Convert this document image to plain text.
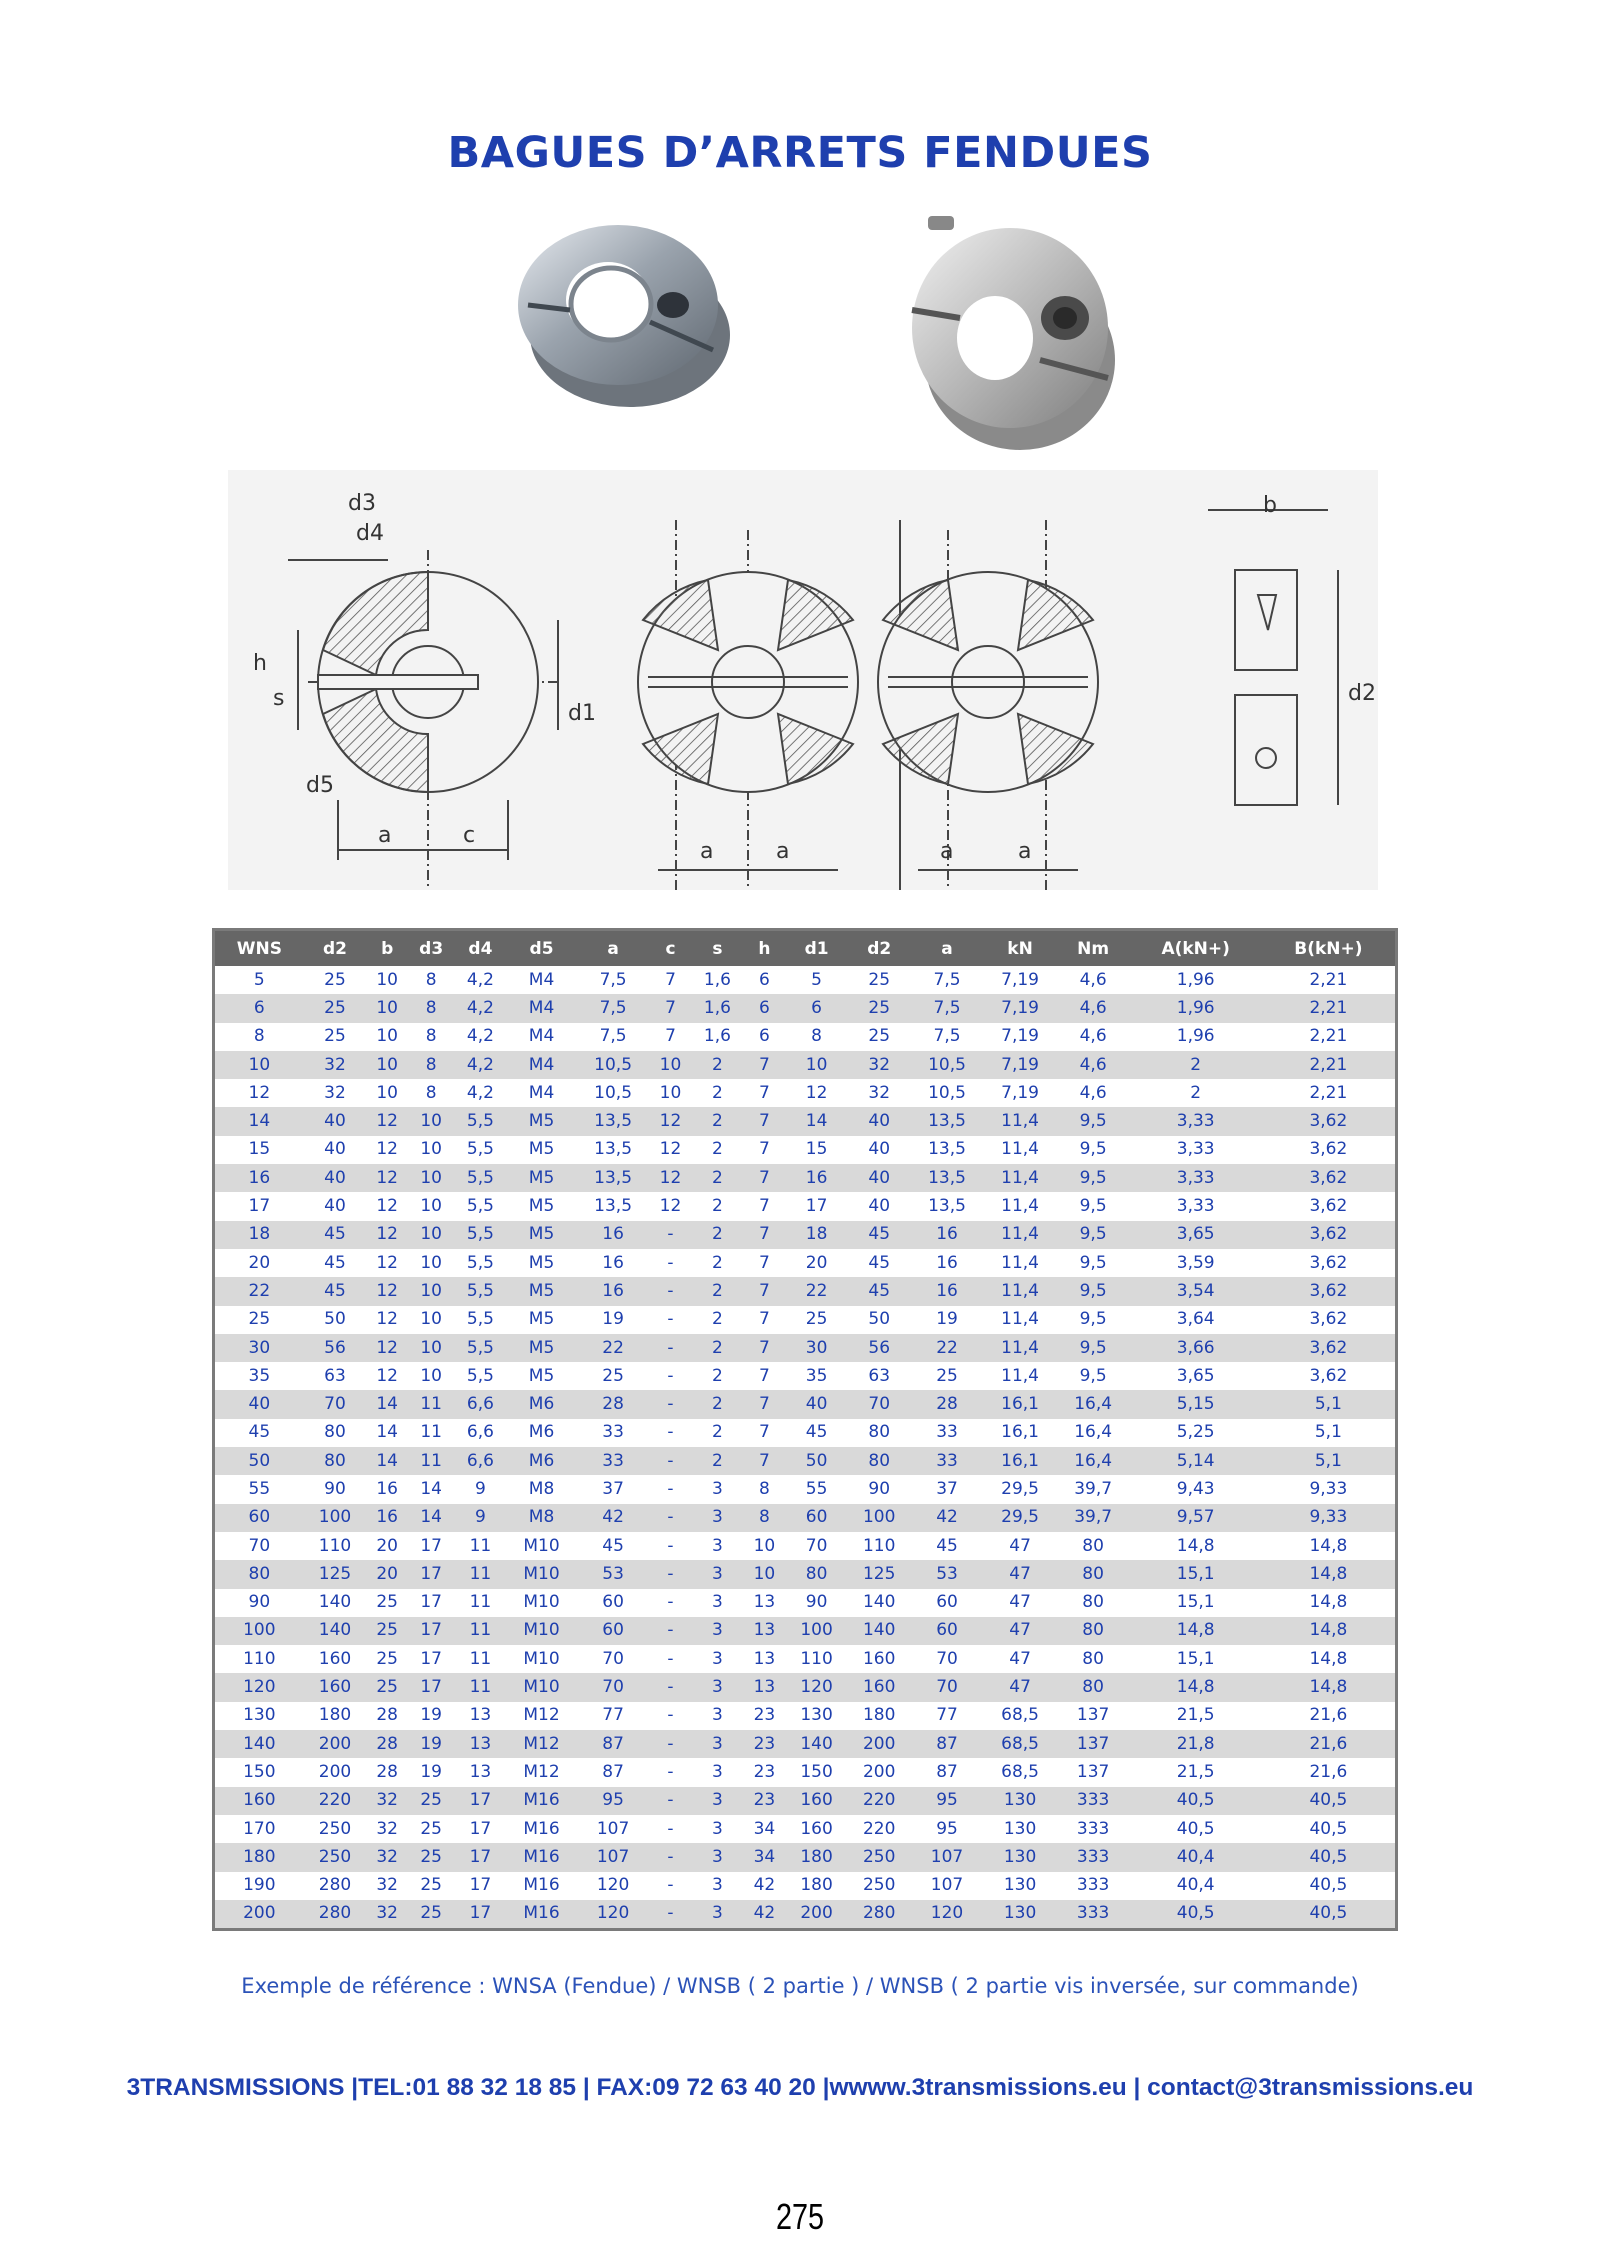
BAGUES D’ARRETS FENDUES
d3
d4
h
s
d1
d5
a	c
a	a	a	a
b
d2
WNS	d2	b	d3	d4	d5	a	c	s	h	d1	d2	a	kN	Nm	A(kN+)	B(kN+)
5	25	10	8	4,2	M4	7,5	7	1,6	6	5	25	7,5	7,19	4,6	1,96	2,21
6	25	10	8	4,2	M4	7,5	7	1,6	6	6	25	7,5	7,19	4,6	1,96	2,21
8	25	10	8	4,2	M4	7,5	7	1,6	6	8	25	7,5	7,19	4,6	1,96	2,21
10	32	10	8	4,2	M4	10,5	10	2	7	10	32	10,5	7,19	4,6	2	2,21
12	32	10	8	4,2	M4	10,5	10	2	7	12	32	10,5	7,19	4,6	2	2,21
14	40	12	10	5,5	M5	13,5	12	2	7	14	40	13,5	11,4	9,5	3,33	3,62
15	40	12	10	5,5	M5	13,5	12	2	7	15	40	13,5	11,4	9,5	3,33	3,62
16	40	12	10	5,5	M5	13,5	12	2	7	16	40	13,5	11,4	9,5	3,33	3,62
17	40	12	10	5,5	M5	13,5	12	2	7	17	40	13,5	11,4	9,5	3,33	3,62
18	45	12	10	5,5	M5	16	-	2	7	18	45	16	11,4	9,5	3,65	3,62
20	45	12	10	5,5	M5	16	-	2	7	20	45	16	11,4	9,5	3,59	3,62
22	45	12	10	5,5	M5	16	-	2	7	22	45	16	11,4	9,5	3,54	3,62
25	50	12	10	5,5	M5	19	-	2	7	25	50	19	11,4	9,5	3,64	3,62
30	56	12	10	5,5	M5	22	-	2	7	30	56	22	11,4	9,5	3,66	3,62
35	63	12	10	5,5	M5	25	-	2	7	35	63	25	11,4	9,5	3,65	3,62
40	70	14	11	6,6	M6	28	-	2	7	40	70	28	16,1	16,4	5,15	5,1
45	80	14	11	6,6	M6	33	-	2	7	45	80	33	16,1	16,4	5,25	5,1
50	80	14	11	6,6	M6	33	-	2	7	50	80	33	16,1	16,4	5,14	5,1
55	90	16	14	9	M8	37	-	3	8	55	90	37	29,5	39,7	9,43	9,33
60	100	16	14	9	M8	42	-	3	8	60	100	42	29,5	39,7	9,57	9,33
70	110	20	17	11	M10	45	-	3	10	70	110	45	47	80	14,8	14,8
80	125	20	17	11	M10	53	-	3	10	80	125	53	47	80	15,1	14,8
90	140	25	17	11	M10	60	-	3	13	90	140	60	47	80	15,1	14,8
100	140	25	17	11	M10	60	-	3	13	100	140	60	47	80	14,8	14,8
110	160	25	17	11	M10	70	-	3	13	110	160	70	47	80	15,1	14,8
120	160	25	17	11	M10	70	-	3	13	120	160	70	47	80	14,8	14,8
130	180	28	19	13	M12	77	-	3	23	130	180	77	68,5	137	21,5	21,6
140	200	28	19	13	M12	87	-	3	23	140	200	87	68,5	137	21,8	21,6
150	200	28	19	13	M12	87	-	3	23	150	200	87	68,5	137	21,5	21,6
160	220	32	25	17	M16	95	-	3	23	160	220	95	130	333	40,5	40,5
170	250	32	25	17	M16	107	-	3	34	160	220	95	130	333	40,5	40,5
180	250	32	25	17	M16	107	-	3	34	180	250	107	130	333	40,4	40,5
190	280	32	25	17	M16	120	-	3	42	180	250	107	130	333	40,4	40,5
200	280	32	25	17	M16	120	-	3	42	200	280	120	130	333	40,5	40,5
Exemple de référence : WNSA (Fendue) / WNSB ( 2 partie ) / WNSB ( 2 partie vis inversée, sur commande)
3TRANSMISSIONS |TEL:01 88 32 18 85 | FAX:09 72 63 40 20 |wwww.3transmissions.eu | contact@3transmissions.eu
275
